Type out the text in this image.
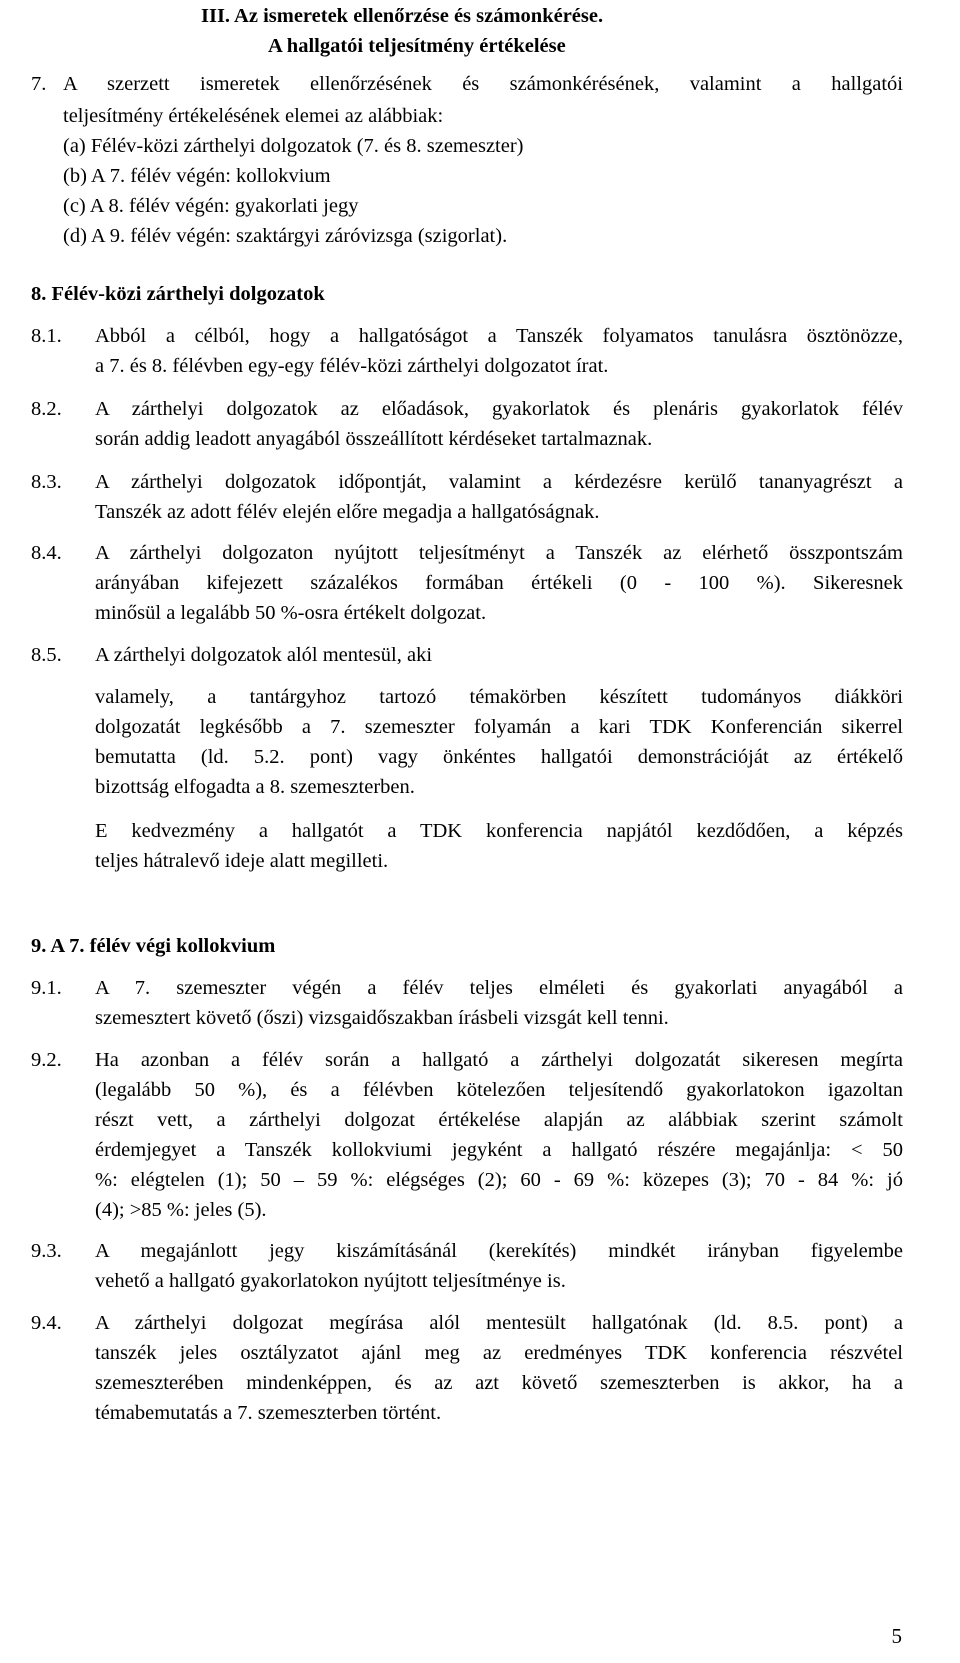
III. Az ismeretek ellenőrzése és számonkérése.
A hallgatói teljesítmény értékelése
7. A szerzett ismeretek ellenőrzésének és számonkérésének, valamint a hallgatói
teljesítmény értékelésének elemei az alábbiak:
(a) Félév-közi zárthelyi dolgozatok (7. és 8. szemeszter)
(b) A 7. félév végén: kollokvium
(c) A 8. félév végén: gyakorlati jegy
(d) A 9. félév végén: szaktárgyi záróvizsga (szigorlat).
8. Félév-közi zárthelyi dolgozatok
8.1. Abból a célból, hogy a hallgatóságot a Tanszék folyamatos tanulásra ösztönözze,
a 7. és 8. félévben egy-egy félév-közi zárthelyi dolgozatot írat.
8.2. A zárthelyi dolgozatok az előadások, gyakorlatok és plenáris gyakorlatok félév
során addig leadott anyagából összeállított kérdéseket tartalmaznak.
8.3. A zárthelyi dolgozatok időpontját, valamint a kérdezésre kerülő tananyagrészt a
Tanszék az adott félév elején előre megadja a hallgatóságnak.
8.4. A zárthelyi dolgozaton nyújtott teljesítményt a Tanszék az elérhető összpontszám
arányában kifejezett százalékos formában értékeli (0 - 100 %). Sikeresnek
minősül a legalább 50 %-osra értékelt dolgozat.
8.5. A zárthelyi dolgozatok alól mentesül, aki
valamely, a tantárgyhoz tartozó témakörben készített tudományos diákköri
dolgozatát legkésőbb a 7. szemeszter folyamán a kari TDK Konferencián sikerrel
bemutatta (ld. 5.2. pont) vagy önkéntes hallgatói demonstrációját az értékelő
bizottság elfogadta a 8. szemeszterben.
E kedvezmény a hallgatót a TDK konferencia napjától kezdődően, a képzés
teljes hátralevő ideje alatt megilleti.
9. A 7. félév végi kollokvium
9.1. A 7. szemeszter végén a félév teljes elméleti és gyakorlati anyagából a
szemesztert követő (őszi) vizsgaidőszakban írásbeli vizsgát kell tenni.
9.2. Ha azonban a félév során a hallgató a zárthelyi dolgozatát sikeresen megírta
(legalább 50 %), és a félévben kötelezően teljesítendő gyakorlatokon igazoltan
részt vett, a zárthelyi dolgozat értékelése alapján az alábbiak szerint számolt
érdemjegyet a Tanszék kollokviumi jegyként a hallgató részére megajánlja: < 50
%: elégtelen (1); 50 – 59 %: elégséges (2); 60 - 69 %: közepes (3); 70 - 84 %: jó
(4); >85 %: jeles (5).
9.3. A megajánlott jegy kiszámításánál (kerekítés) mindkét irányban figyelembe
vehető a hallgató gyakorlatokon nyújtott teljesítménye is.
9.4. A zárthelyi dolgozat megírása alól mentesült hallgatónak (ld. 8.5. pont) a
tanszék jeles osztályzatot ajánl meg az eredményes TDK konferencia részvétel
szemeszterében mindenképpen, és az azt követő szemeszterben is akkor, ha a
témabemutatás a 7. szemeszterben történt.
5
